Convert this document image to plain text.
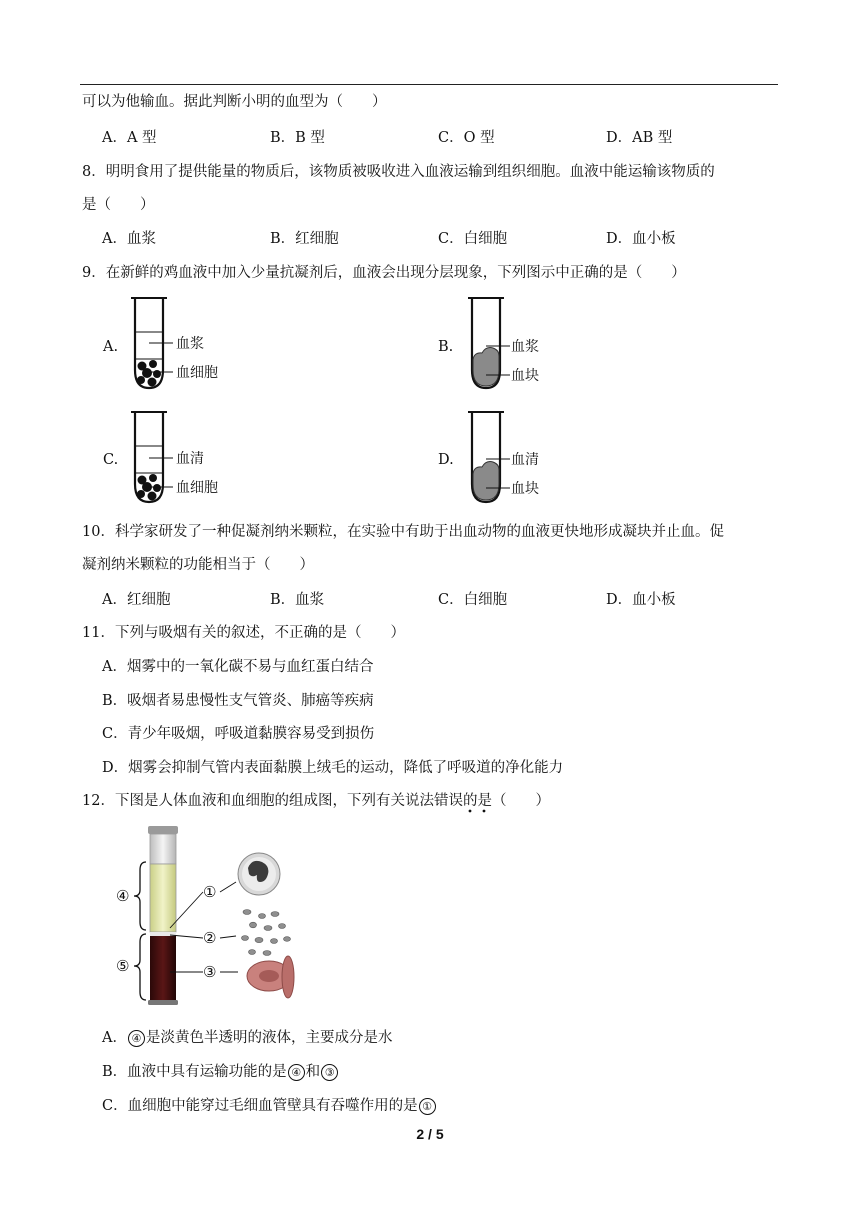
可以为他输血。据此判断小明的血型为（　　）
A．A 型	B．B 型	C．O 型	D．AB 型
8．明明食用了提供能量的物质后，该物质被吸收进入血液运输到组织细胞。血液中能运输该物质的
是（　　）
A．血浆	B．红细胞	C．白细胞	D．血小板
9．在新鲜的鸡血液中加入少量抗凝剂后，血液会出现分层现象，下列图示中正确的是（　　）
A.	血浆
血细胞
B.	血浆
血块
C.	血清
血细胞
D.	血清
血块
10．科学家研发了一种促凝剂纳米颗粒，在实验中有助于出血动物的血液更快地形成凝块并止血。促
凝剂纳米颗粒的功能相当于（　　）
A．红细胞	B．血浆	C．白细胞	D．血小板
11．下列与吸烟有关的叙述，不正确的是（　　）
A．烟雾中的一氧化碳不易与血红蛋白结合
B．吸烟者易患慢性支气管炎、肺癌等疾病
C．青少年吸烟，呼吸道黏膜容易受到损伤
D．烟雾会抑制气管内表面黏膜上绒毛的运动，降低了呼吸道的净化能力
12．下图是人体血液和血细胞的组成图，下列有关说法错误的是（　　）
④
⑤
①
②
③
A． ④ 是淡黄色半透明的液体，主要成分是水
B．血液中具有运输功能的是 ④ 和 ③
C．血细胞中能穿过毛细血管壁具有吞噬作用的是 ①
2 / 5
